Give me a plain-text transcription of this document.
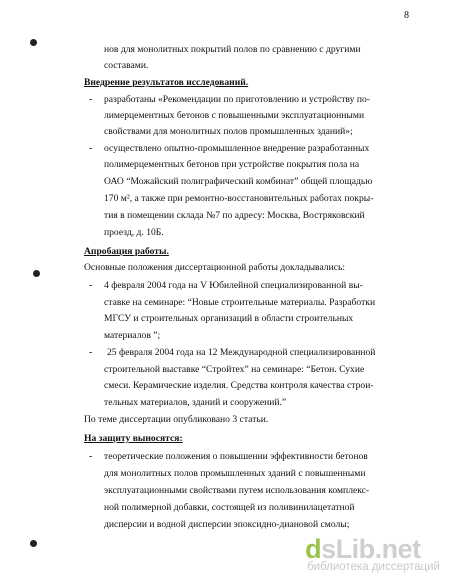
8
нов для монолитных покрытий полов по сравнению с другими
составами.
Внедрение результатов исследований.
разработаны «Рекомендации по приготовлению и устройству по-
лимерцементных бетонов с повышенными эксплуатационными
свойствами для монолитных полов промышленных зданий»;
осуществлено опытно-промышленное внедрение разработанных
полимерцементных бетонов при устройстве покрытия пола на
ОАО “Можайский полиграфический комбинат” общей площадью
170 м², а также при ремонтно-восстановительных работах покры-
тия в помещении склада №7 по адресу: Москва, Востряковский
проезд, д. 10Б.
Апробация работы.
Основные положения диссертационной работы докладывались:
4 февраля 2004 года на V Юбилейной специализированной вы-
ставке на семинаре: “Новые строительные материалы. Разработки
МГСУ и строительных организаций в области строительных
материалов ”;
25 февраля 2004 года на 12 Международной специализированной
строительной выставке “Стройтех” на семинаре: “Бетон. Сухие
смеси. Керамические изделия. Средства контроля качества строи-
тельных материалов, зданий и сооружений.”
По теме диссертации опубликовано 3 статьи.
На защиту выносятся:
теоретические положения о повышении эффективности бетонов
для монолитных полов промышленных зданий с повышенными
эксплуатационными свойствами путем использования комплекс-
ной полимерной добавки, состоящей из поливинилацетатной
дисперсии и водной дисперсии эпоксидно-диановой смолы;
-
-
-
-
-
dsLib.net
библиотека диссертаций
